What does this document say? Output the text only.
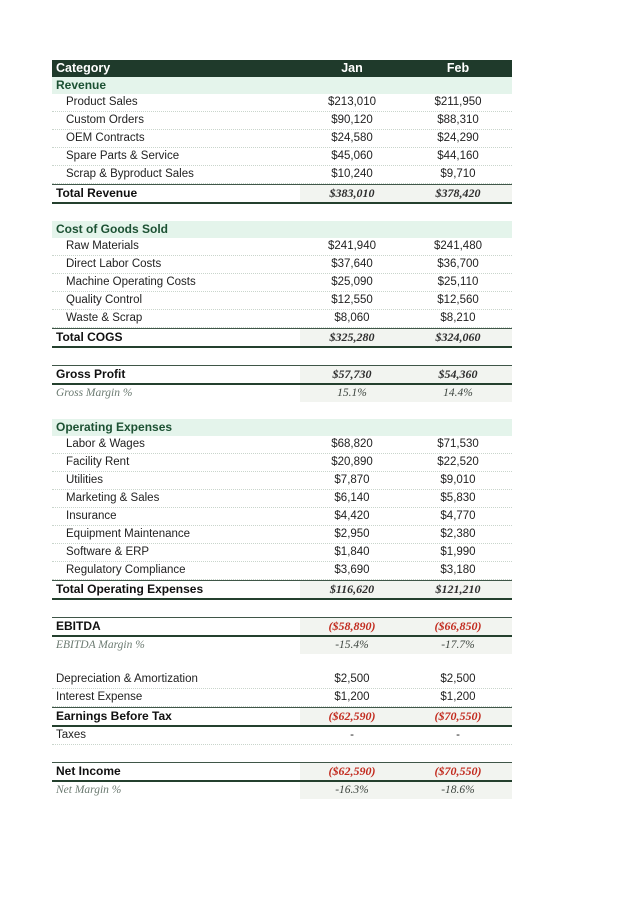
Category	Jan	Feb
Revenue
Product Sales	$213,010	$211,950
Custom Orders	$90,120	$88,310
OEM Contracts	$24,580	$24,290
Spare Parts & Service	$45,060	$44,160
Scrap & Byproduct Sales	$10,240	$9,710
Total Revenue	$383,010	$378,420
Cost of Goods Sold
Raw Materials	$241,940	$241,480
Direct Labor Costs	$37,640	$36,700
Machine Operating Costs	$25,090	$25,110
Quality Control	$12,550	$12,560
Waste & Scrap	$8,060	$8,210
Total COGS	$325,280	$324,060
Gross Profit	$57,730	$54,360
Gross Margin %	15.1%	14.4%
Operating Expenses
Labor & Wages	$68,820	$71,530
Facility Rent	$20,890	$22,520
Utilities	$7,870	$9,010
Marketing & Sales	$6,140	$5,830
Insurance	$4,420	$4,770
Equipment Maintenance	$2,950	$2,380
Software & ERP	$1,840	$1,990
Regulatory Compliance	$3,690	$3,180
Total Operating Expenses	$116,620	$121,210
EBITDA	($58,890)	($66,850)
EBITDA Margin %	-15.4%	-17.7%
Depreciation & Amortization	$2,500	$2,500
Interest Expense	$1,200	$1,200
Earnings Before Tax	($62,590)	($70,550)
Taxes	-	-
Net Income	($62,590)	($70,550)
Net Margin %	-16.3%	-18.6%
